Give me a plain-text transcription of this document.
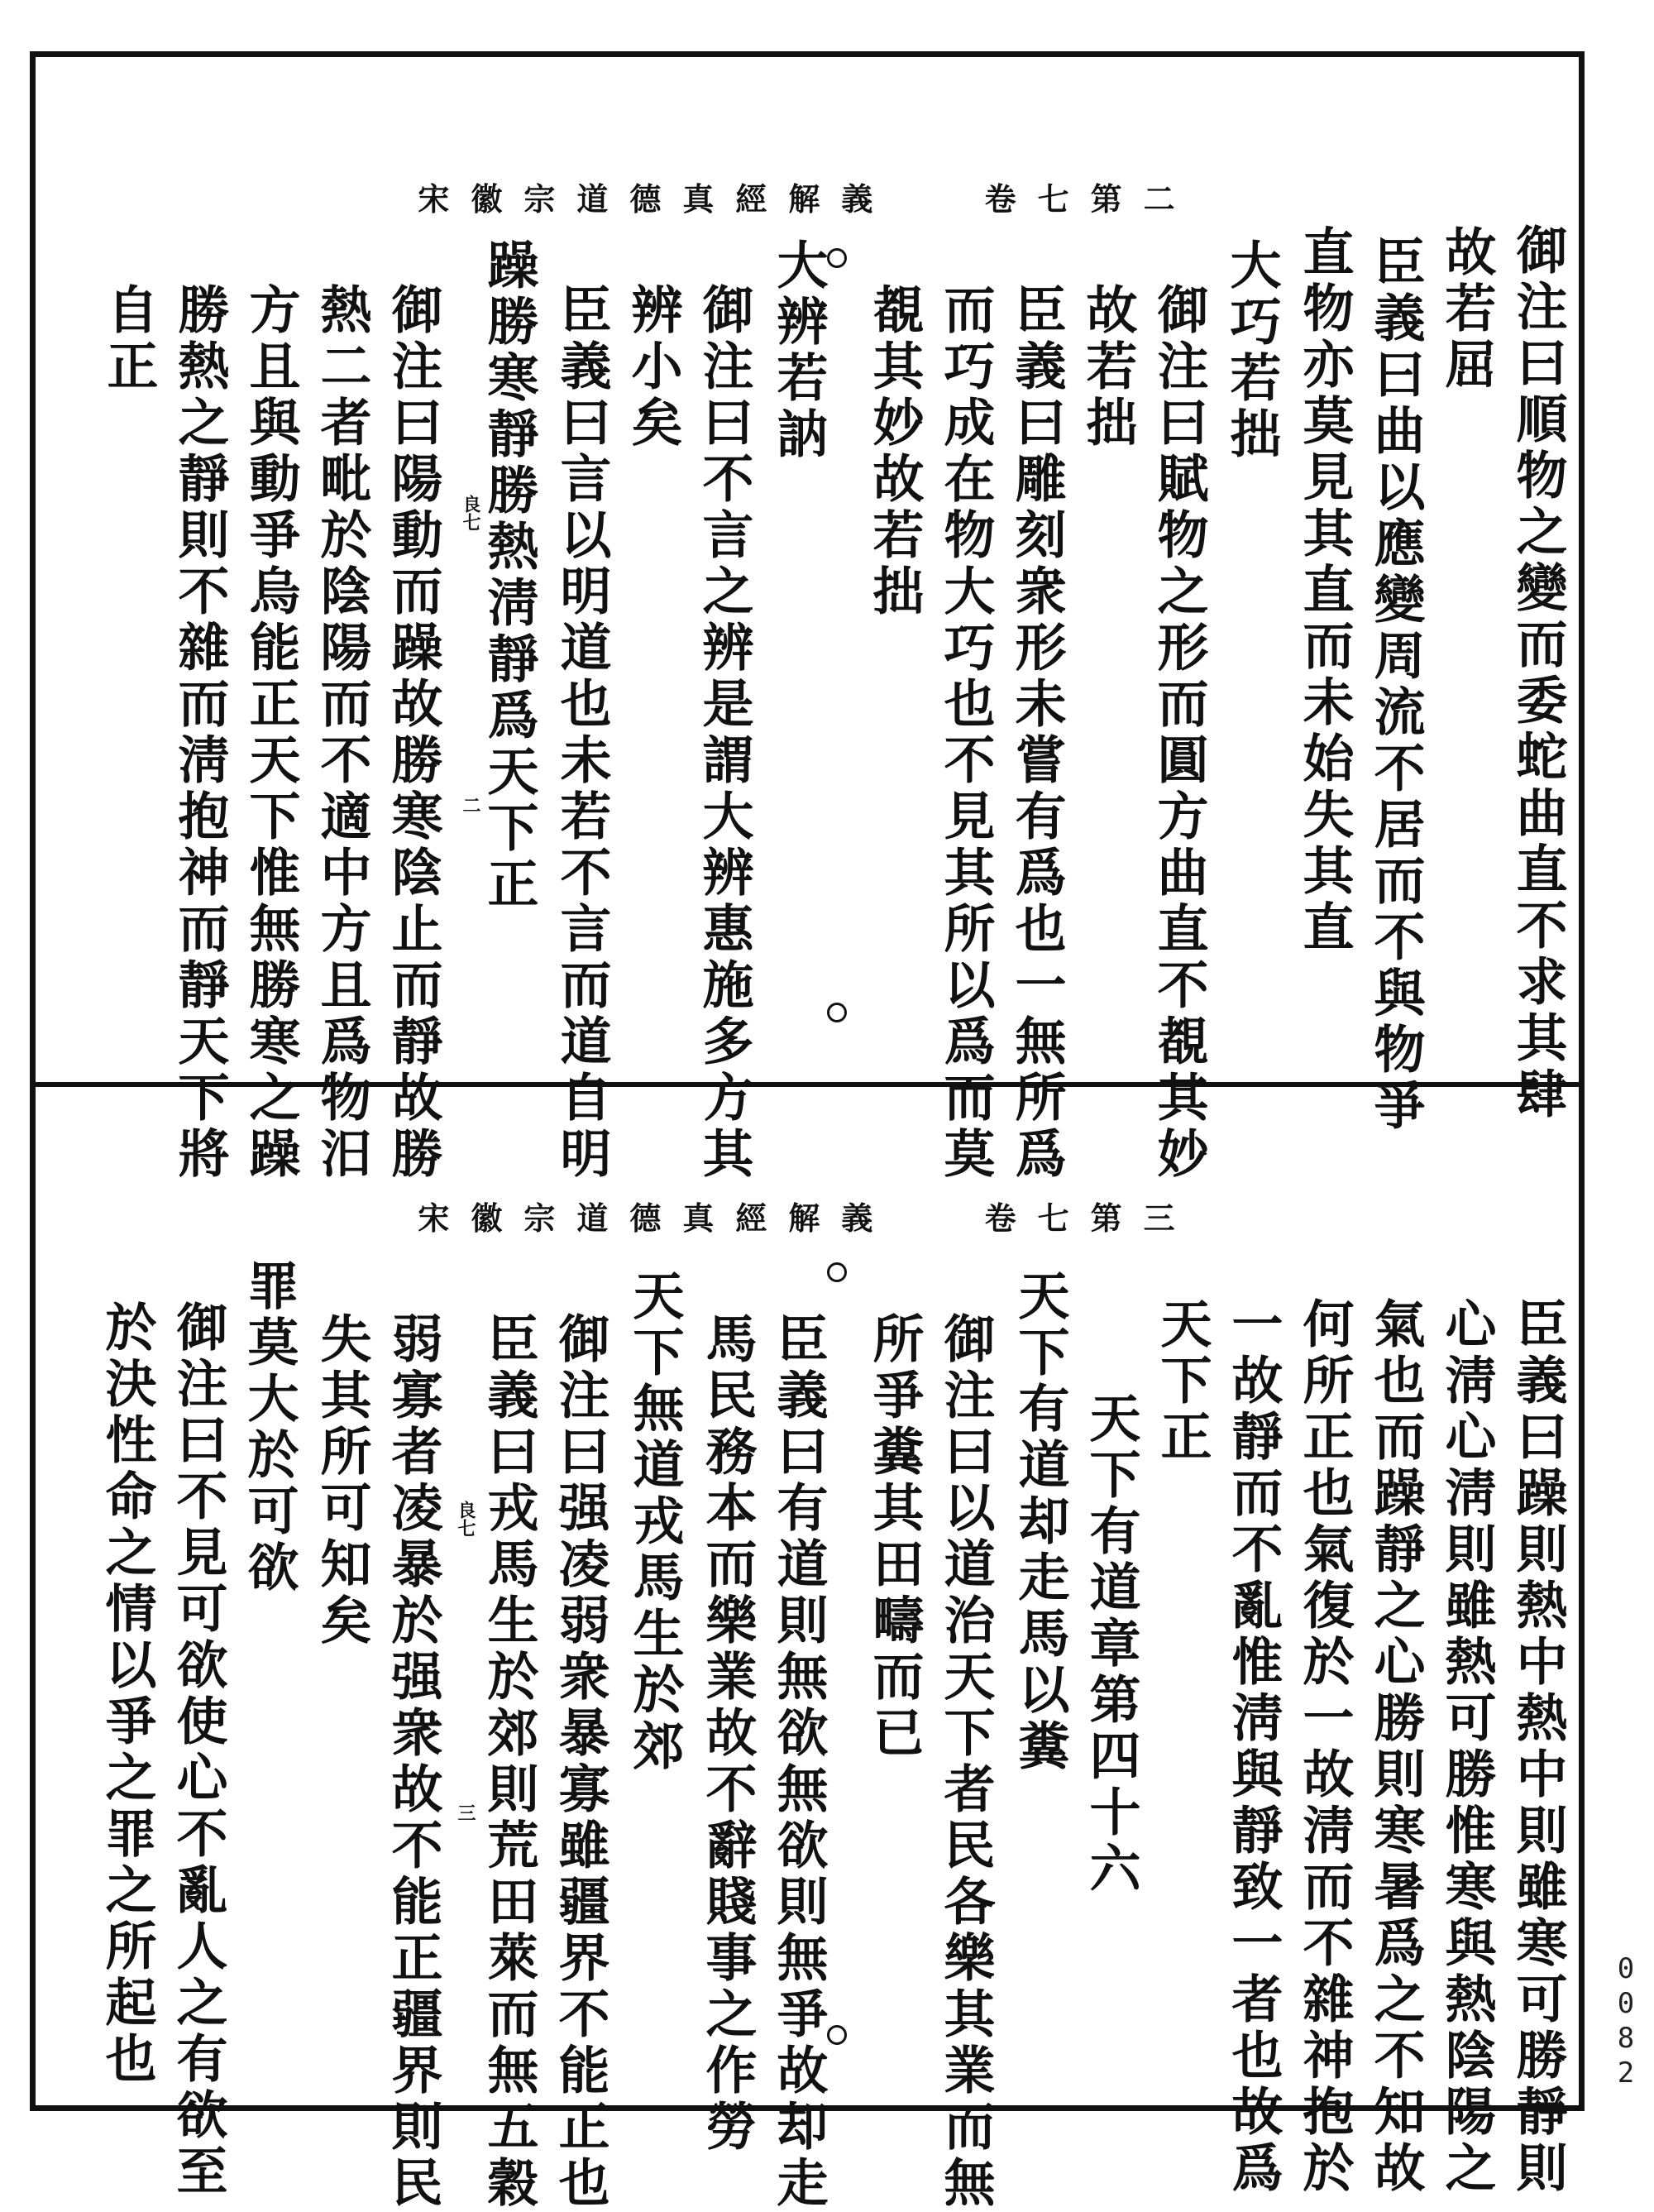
宋徽宗道德真經解義	卷七第二
御注曰順物之變而委蛇曲直不求其肆
故若屈
臣義曰曲以應變周流不居而不與物爭
直物亦莫見其直而未始失其直
大巧若拙
御注曰賦物之形而圓方曲直不覩其妙
故若拙
臣義曰雕刻衆形未嘗有爲也一無所爲
而巧成在物大巧也不見其所以爲而莫
覩其妙故若拙
大辨若訥
御注曰不言之辨是謂大辨惠施多方其
辨小矣
臣義曰言以明道也未若不言而道自明
躁勝寒靜勝熱淸靜爲天下正
良七
二
御注曰陽動而躁故勝寒陰止而靜故勝
熱二者毗於陰陽而不適中方且爲物汨
方且與動爭烏能正天下惟無勝寒之躁
勝熱之靜則不雜而淸抱神而靜天下將
自正
宋徽宗道德真經解義	卷七第三
臣義曰躁則熱中熱中則雖寒可勝靜則
心淸心淸則雖熱可勝惟寒與熱陰陽之
氣也而躁靜之心勝則寒暑爲之不知故
何所正也氣復於一故淸而不雜神抱於
一故靜而不亂惟淸與靜致一者也故爲
天下正
天下有道章第四十六
天下有道却走馬以糞
御注曰以道治天下者民各樂其業而無
所爭糞其田疇而已
臣義曰有道則無欲無欲則無爭故却走
馬民務本而樂業故不辭賤事之作勞
天下無道戎馬生於郊
御注曰强凌弱衆暴寡雖疆界不能正也
臣義曰戎馬生於郊則荒田萊而無五穀
良七
三
弱寡者凌暴於强衆故不能正疆界則民
失其所可知矣
罪莫大於可欲
御注曰不見可欲使心不亂人之有欲至
於決性命之情以爭之罪之所起也	0082
